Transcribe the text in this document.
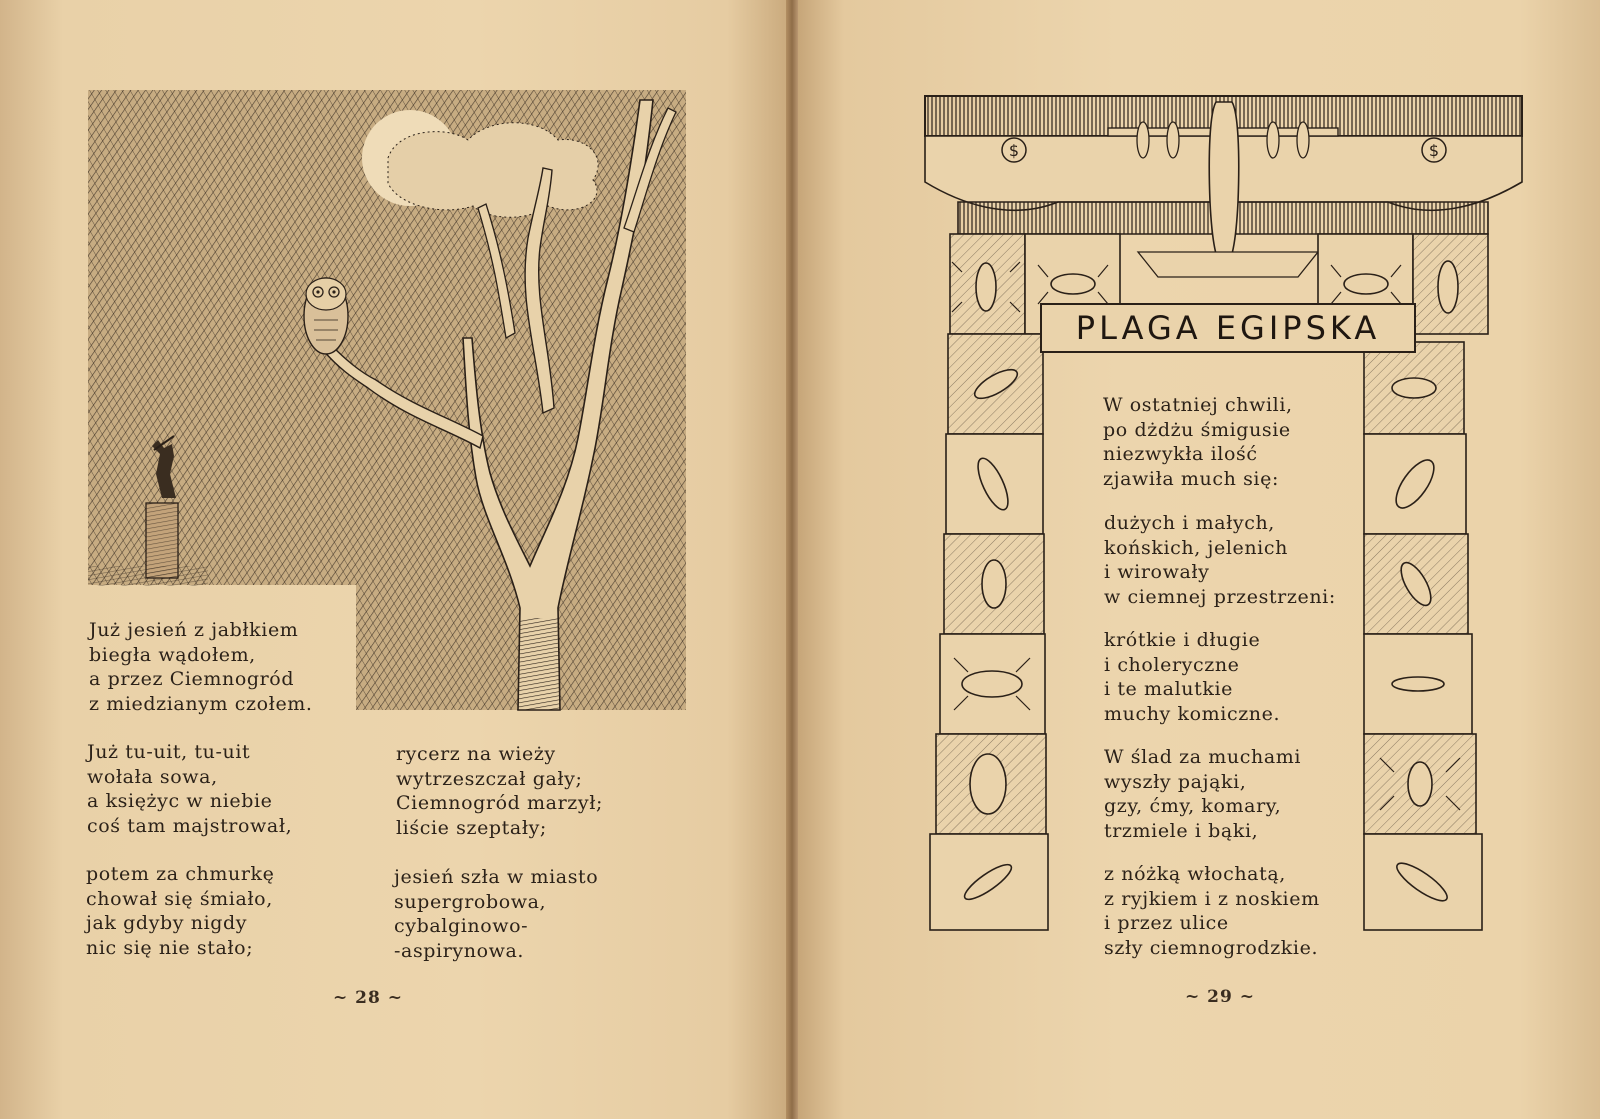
$	$
PLAGA EGIPSKA

Już jesień z jabłkiem
biegła wądołem,
a przez Ciemnogród
z miedzianym czołem.

Już tu-uit, tu-uit
wołała sowa,
a księżyc w niebie
coś tam majstrował,

potem za chmurkę
chował się śmiało,
jak gdyby nigdy
nic się nie stało;

rycerz na wieży
wytrzeszczał gały;
Ciemnogród marzył;
liście szeptały;

jesień szła w miasto
supergrobowa,
cybalginowo-
-aspirynowa.

~ 28 ~

W ostatniej chwili,
po dżdżu śmigusie
niezwykła ilość
zjawiła much się:

dużych i małych,
końskich, jelenich
i wirowały
w ciemnej przestrzeni:

krótkie i długie
i choleryczne
i te malutkie
muchy komiczne.

W ślad za muchami
wyszły pająki,
gzy, ćmy, komary,
trzmiele i bąki,

z nóżką włochatą,
z ryjkiem i z noskiem
i przez ulice
szły ciemnogrodzkie.

~ 29 ~
